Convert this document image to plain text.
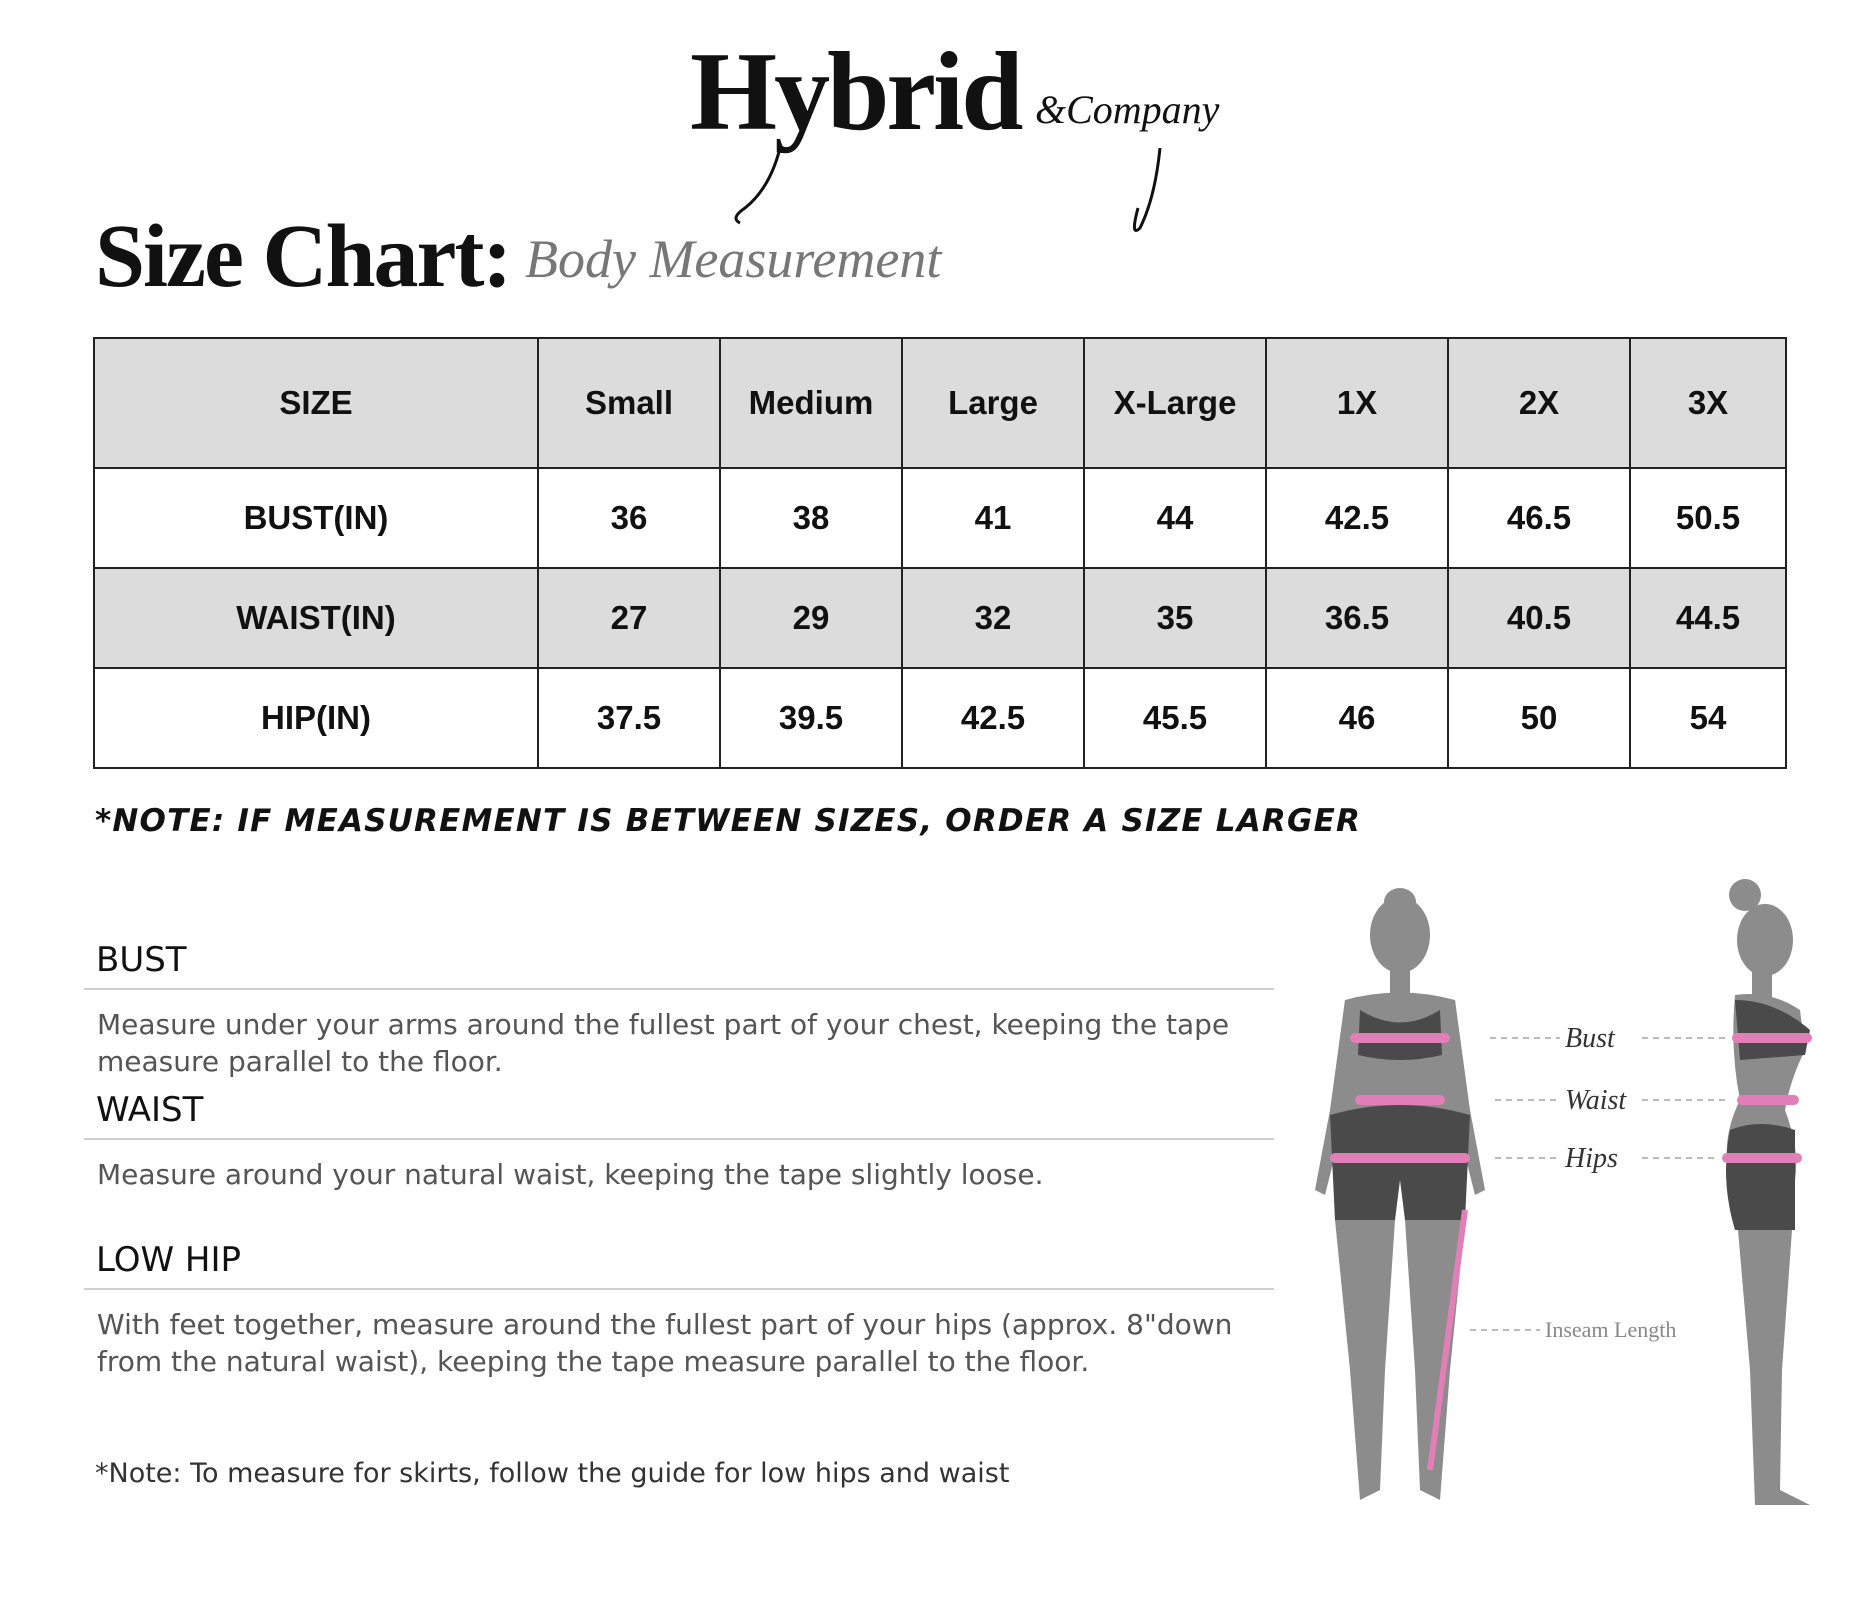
Hybrid &Company
Size Chart: Body Measurement
SIZE	Small	Medium	Large	X-Large	1X	2X	3X
BUST(IN)	36	38	41	44	42.5	46.5	50.5
WAIST(IN)	27	29	32	35	36.5	40.5	44.5
HIP(IN)	37.5	39.5	42.5	45.5	46	50	54
*NOTE: IF MEASUREMENT IS BETWEEN SIZES, ORDER A SIZE LARGER
BUST
Measure under your arms around the fullest part of your chest, keeping the tape measure parallel to the floor.
WAIST
Measure around your natural waist, keeping the tape slightly loose.
LOW HIP
With feet together, measure around the fullest part of your hips (approx. 8"down from the natural waist), keeping the tape measure parallel to the floor.
*Note: To measure for skirts, follow the guide for low hips and waist
Bust
Waist
Hips
Inseam Length
